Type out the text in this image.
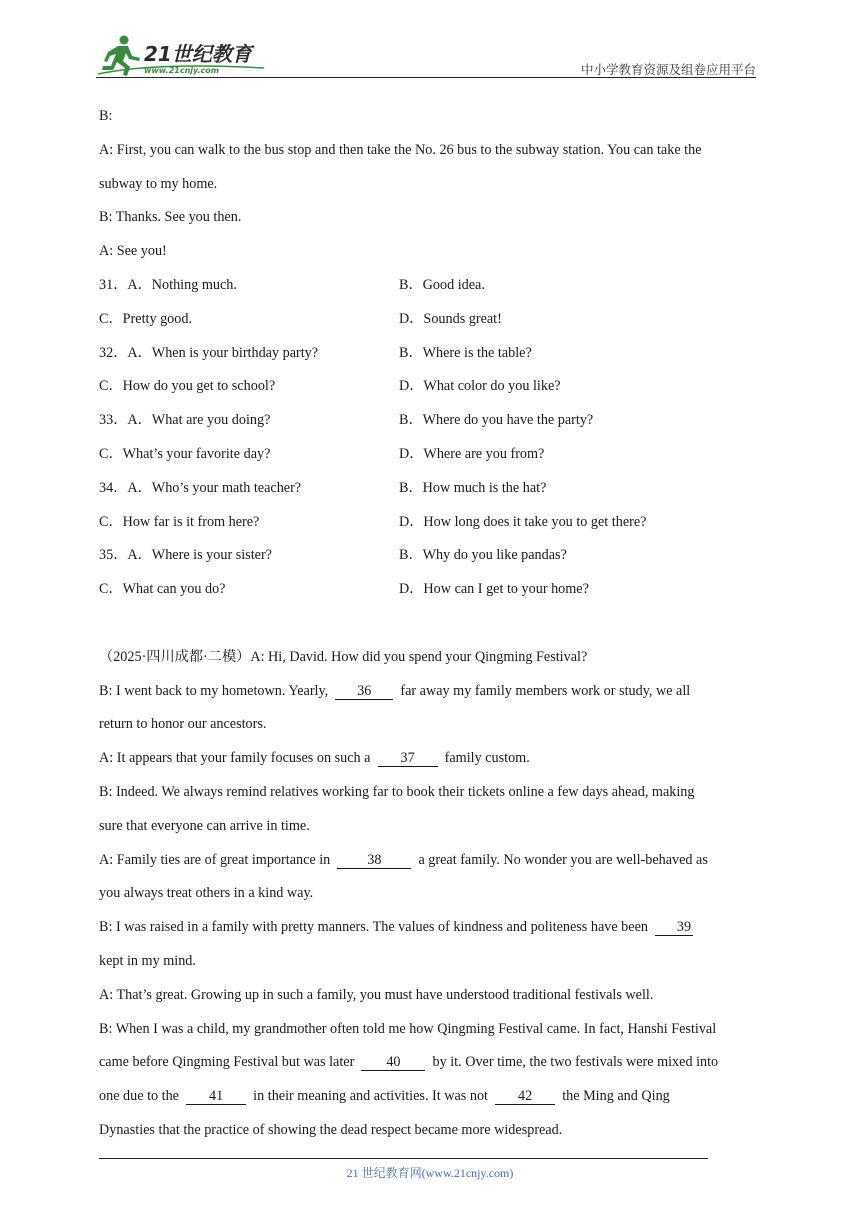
21世纪教育
www.21cnjy.com	中小学教育资源及组卷应用平台
B:
A: First, you can walk to the bus stop and then take the No. 26 bus to the subway station. You can take the
subway to my home.
B: Thanks. See you then.
A: See you!
31．A．Nothing much.	B．Good idea.
C．Pretty good.	D．Sounds great!
32．A．When is your birthday party?	B．Where is the table?
C．How do you get to school?	D．What color do you like?
33．A．What are you doing?	B．Where do you have the party?
C．What’s your favorite day?	D．Where are you from?
34．A．Who’s your math teacher?	B．How much is the hat?
C．How far is it from here?	D．How long does it take you to get there?
35．A．Where is your sister?	B．Why do you like pandas?
C．What can you do?	D．How can I get to your home?
（2025·四川成都·二模）A: Hi, David. How did you spend your Qingming Festival?
B: I went back to my hometown. Yearly, 36 far away my family members work or study, we all
return to honor our ancestors.
A: It appears that your family focuses on such a 37 family custom.
B: Indeed. We always remind relatives working far to book their tickets online a few days ahead, making
sure that everyone can arrive in time.
A: Family ties are of great importance in	38	a great family. No wonder you are well-behaved as
you always treat others in a kind way.
B: I was raised in a family with pretty manners. The values of kindness and politeness have been 39
kept in my mind.
A: That’s great. Growing up in such a family, you must have understood traditional festivals well.
B: When I was a child, my grandmother often told me how Qingming Festival came. In fact, Hanshi Festival
came before Qingming Festival but was later 40 by it. Over time, the two festivals were mixed into
one due to the 41 in their meaning and activities. It was not 42 the Ming and Qing
Dynasties that the practice of showing the dead respect became more widespread.
21 世纪教育网(www.21cnjy.com)
